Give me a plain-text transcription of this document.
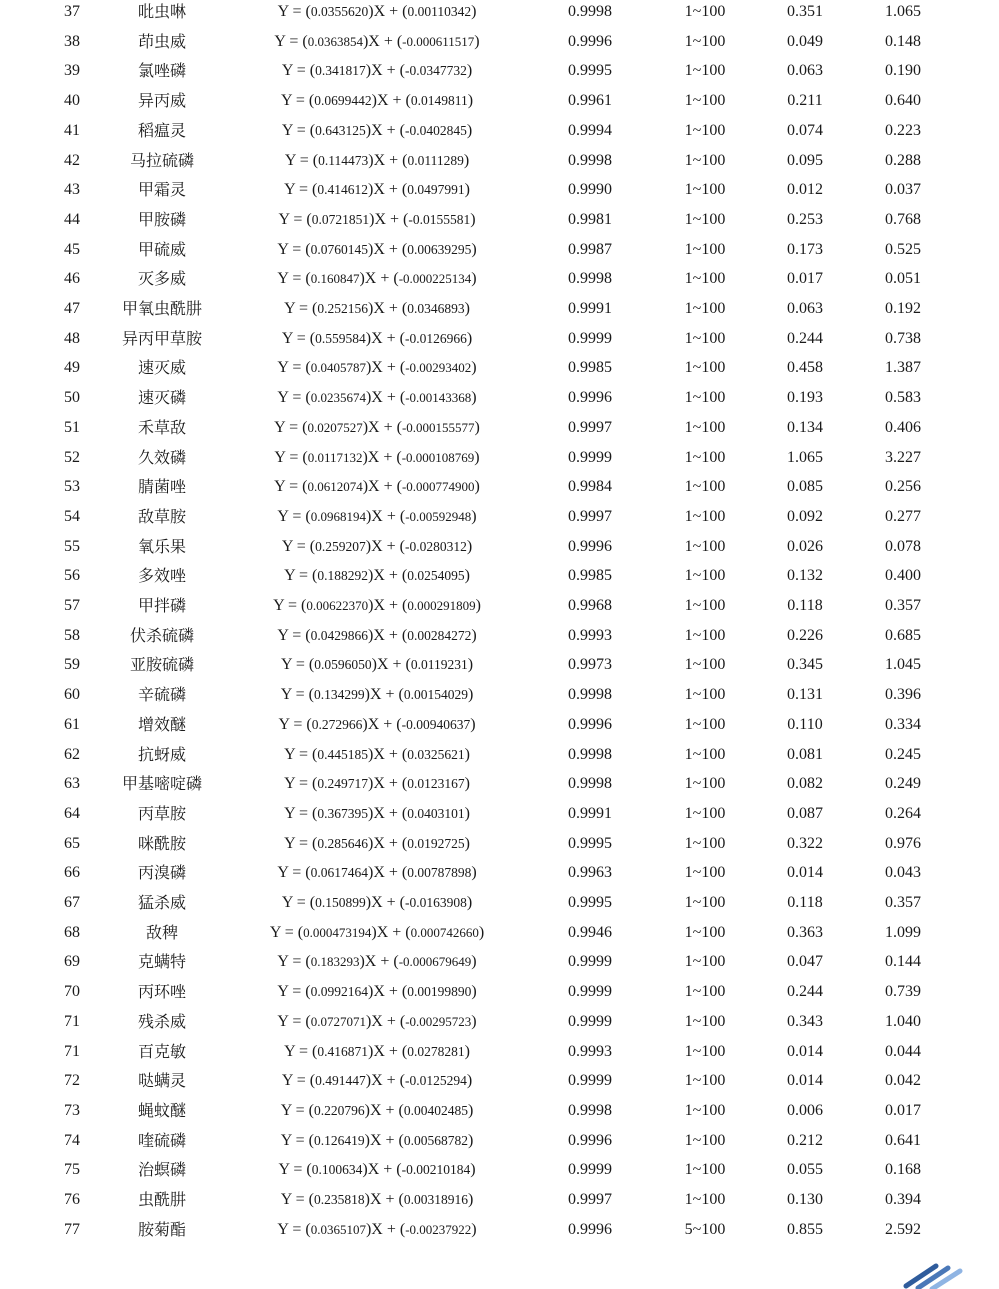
37	吡虫啉	Y = (0.0355620)X + (0.00110342)	0.9998	1~100	0.351	1.065
38	茚虫威	Y = (0.0363854)X + (-0.000611517)	0.9996	1~100	0.049	0.148
39	氯唑磷	Y = (0.341817)X + (-0.0347732)	0.9995	1~100	0.063	0.190
40	异丙威	Y = (0.0699442)X + (0.0149811)	0.9961	1~100	0.211	0.640
41	稻瘟灵	Y = (0.643125)X + (-0.0402845)	0.9994	1~100	0.074	0.223
42	马拉硫磷	Y = (0.114473)X + (0.0111289)	0.9998	1~100	0.095	0.288
43	甲霜灵	Y = (0.414612)X + (0.0497991)	0.9990	1~100	0.012	0.037
44	甲胺磷	Y = (0.0721851)X + (-0.0155581)	0.9981	1~100	0.253	0.768
45	甲硫威	Y = (0.0760145)X + (0.00639295)	0.9987	1~100	0.173	0.525
46	灭多威	Y = (0.160847)X + (-0.000225134)	0.9998	1~100	0.017	0.051
47	甲氧虫酰肼	Y = (0.252156)X + (0.0346893)	0.9991	1~100	0.063	0.192
48	异丙甲草胺	Y = (0.559584)X + (-0.0126966)	0.9999	1~100	0.244	0.738
49	速灭威	Y = (0.0405787)X + (-0.00293402)	0.9985	1~100	0.458	1.387
50	速灭磷	Y = (0.0235674)X + (-0.00143368)	0.9996	1~100	0.193	0.583
51	禾草敌	Y = (0.0207527)X + (-0.000155577)	0.9997	1~100	0.134	0.406
52	久效磷	Y = (0.0117132)X + (-0.000108769)	0.9999	1~100	1.065	3.227
53	腈菌唑	Y = (0.0612074)X + (-0.000774900)	0.9984	1~100	0.085	0.256
54	敌草胺	Y = (0.0968194)X + (-0.00592948)	0.9997	1~100	0.092	0.277
55	氧乐果	Y = (0.259207)X + (-0.0280312)	0.9996	1~100	0.026	0.078
56	多效唑	Y = (0.188292)X + (0.0254095)	0.9985	1~100	0.132	0.400
57	甲拌磷	Y = (0.00622370)X + (0.000291809)	0.9968	1~100	0.118	0.357
58	伏杀硫磷	Y = (0.0429866)X + (0.00284272)	0.9993	1~100	0.226	0.685
59	亚胺硫磷	Y = (0.0596050)X + (0.0119231)	0.9973	1~100	0.345	1.045
60	辛硫磷	Y = (0.134299)X + (0.00154029)	0.9998	1~100	0.131	0.396
61	增效醚	Y = (0.272966)X + (-0.00940637)	0.9996	1~100	0.110	0.334
62	抗蚜威	Y = (0.445185)X + (0.0325621)	0.9998	1~100	0.081	0.245
63	甲基嘧啶磷	Y = (0.249717)X + (0.0123167)	0.9998	1~100	0.082	0.249
64	丙草胺	Y = (0.367395)X + (0.0403101)	0.9991	1~100	0.087	0.264
65	咪酰胺	Y = (0.285646)X + (0.0192725)	0.9995	1~100	0.322	0.976
66	丙溴磷	Y = (0.0617464)X + (0.00787898)	0.9963	1~100	0.014	0.043
67	猛杀威	Y = (0.150899)X + (-0.0163908)	0.9995	1~100	0.118	0.357
68	敌稗	Y = (0.000473194)X + (0.000742660)	0.9946	1~100	0.363	1.099
69	克螨特	Y = (0.183293)X + (-0.000679649)	0.9999	1~100	0.047	0.144
70	丙环唑	Y = (0.0992164)X + (0.00199890)	0.9999	1~100	0.244	0.739
71	残杀威	Y = (0.0727071)X + (-0.00295723)	0.9999	1~100	0.343	1.040
71	百克敏	Y = (0.416871)X + (0.0278281)	0.9993	1~100	0.014	0.044
72	哒螨灵	Y = (0.491447)X + (-0.0125294)	0.9999	1~100	0.014	0.042
73	蝇蚊醚	Y = (0.220796)X + (0.00402485)	0.9998	1~100	0.006	0.017
74	喹硫磷	Y = (0.126419)X + (0.00568782)	0.9996	1~100	0.212	0.641
75	治螟磷	Y = (0.100634)X + (-0.00210184)	0.9999	1~100	0.055	0.168
76	虫酰肼	Y = (0.235818)X + (0.00318916)	0.9997	1~100	0.130	0.394
77	胺菊酯	Y = (0.0365107)X + (-0.00237922)	0.9996	5~100	0.855	2.592
